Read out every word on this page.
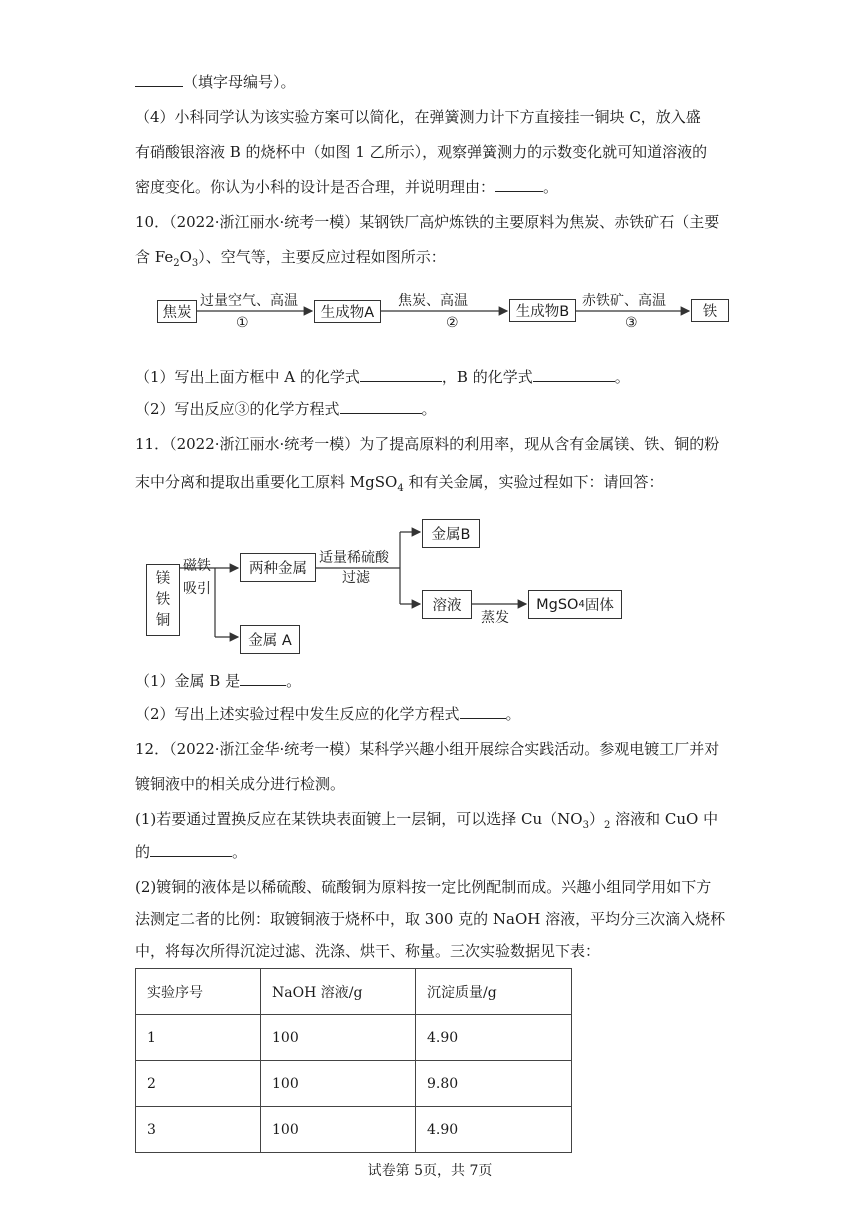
（填字母编号）。
（4）小科同学认为该实验方案可以简化，在弹簧测力计下方直接挂一铜块 C，放入盛
有硝酸银溶液 B 的烧杯中（如图 1 乙所示），观察弹簧测力的示数变化就可知道溶液的
密度变化。你认为小科的设计是否合理，并说明理由：	。
10．（2022·浙江丽水·统考一模）某钢铁厂高炉炼铁的主要原料为焦炭、赤铁矿石（主要
含 $Fe_2O_3$）、空气等，主要反应过程如图所示：
焦炭	生成物A	生成物B	铁
过量空气、高温
①
焦炭、高温
②
赤铁矿、高温
③
（1）写出上面方框中 A 的化学式	，B 的化学式	。
（2）写出反应③的化学方程式	。
11．（2022·浙江丽水·统考一模）为了提高原料的利用率，现从含有金属镁、铁、铜的粉
末中分离和提取出重要化工原料 MgSO$_4$ 和有关金属，实验过程如下：请回答：
镁
铁
铜
磁铁
吸引
两种金属
适量稀硫酸
过滤
金属B
溶液
蒸发
MgSO 4 固体
金属 A
（1）金属 B 是	。
（2）写出上述实验过程中发生反应的化学方程式	。
12．（2022·浙江金华·统考一模）某科学兴趣小组开展综合实践活动。参观电镀工厂并对
镀铜液中的相关成分进行检测。
(1)若要通过置换反应在某铁块表面镀上一层铜，可以选择 $Cu(NO_3)_2$ 溶液和 CuO 中
的	。
(2)镀铜的液体是以稀硫酸、硫酸铜为原料按一定比例配制而成。兴趣小组同学用如下方
法测定二者的比例：取镀铜液于烧杯中，取 300 克的 NaOH 溶液，平均分三次滴入烧杯
中，将每次所得沉淀过滤、洗涤、烘干、称量。三次实验数据见下表：
实验序号	NaOH 溶液/g	沉淀质量/g
1	100	4.90
2	100	9.80
3	100	4.90
试卷第 5页，共 7页
